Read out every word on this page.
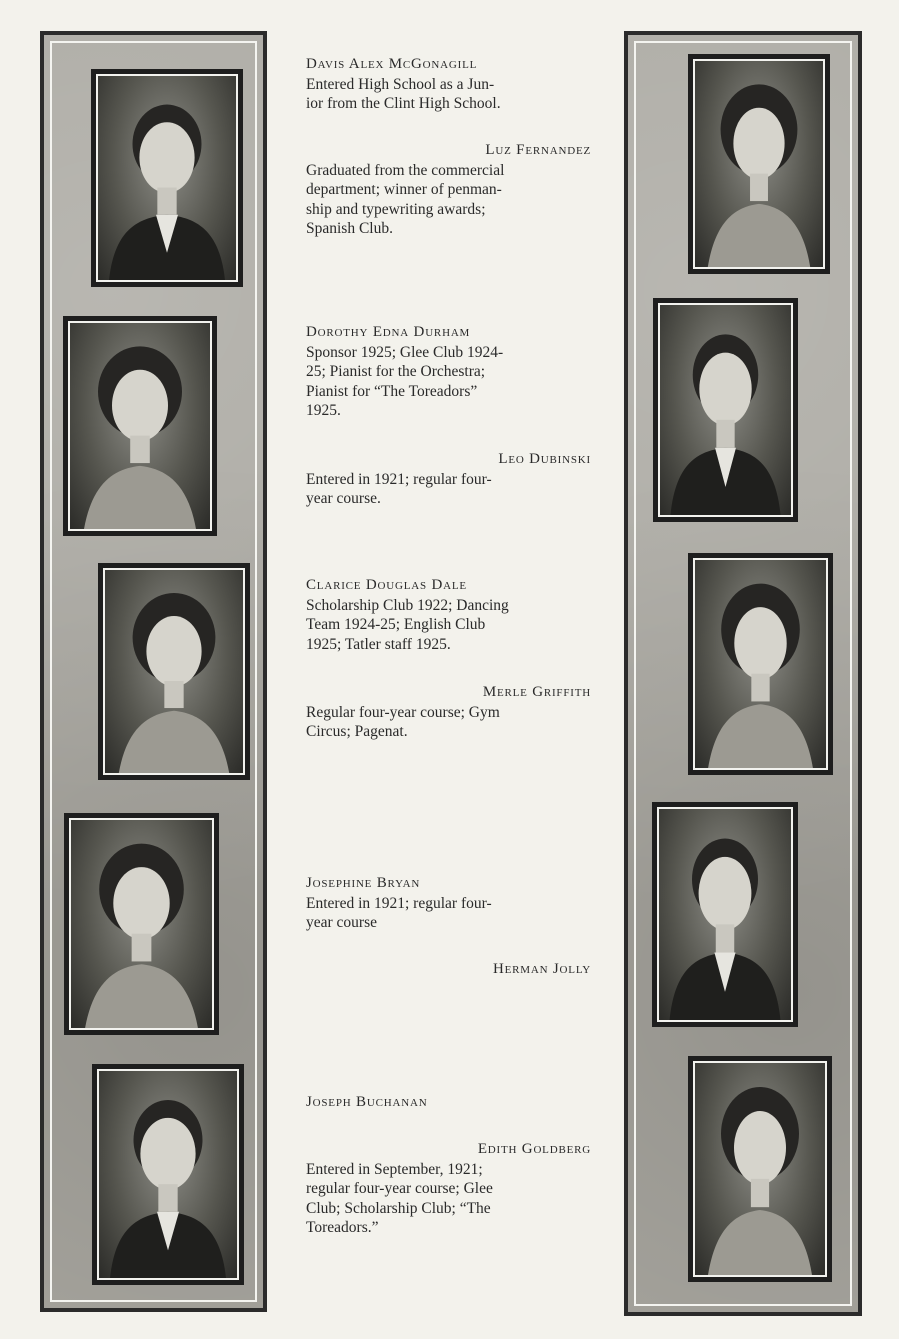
Davis Alex McGonagill
Entered High School as a Jun-
ior from the Clint High School.
Luz Fernandez
Graduated from the commercial
department; winner of penman-
ship and typewriting awards;
Spanish Club.
Dorothy Edna Durham
Sponsor 1925; Glee Club 1924-
25; Pianist for the Orchestra;
Pianist for “The Toreadors”
1925.
Leo Dubinski
Entered in 1921; regular four-
year course.
Clarice Douglas Dale
Scholarship Club 1922; Dancing
Team 1924-25; English Club
1925; Tatler staff 1925.
Merle Griffith
Regular four-year course; Gym
Circus; Pagenat.
Josephine Bryan
Entered in 1921; regular four-
year course
Herman Jolly
Joseph Buchanan
Edith Goldberg
Entered in September, 1921;
regular four-year course; Glee
Club; Scholarship Club; “The
Toreadors.”
